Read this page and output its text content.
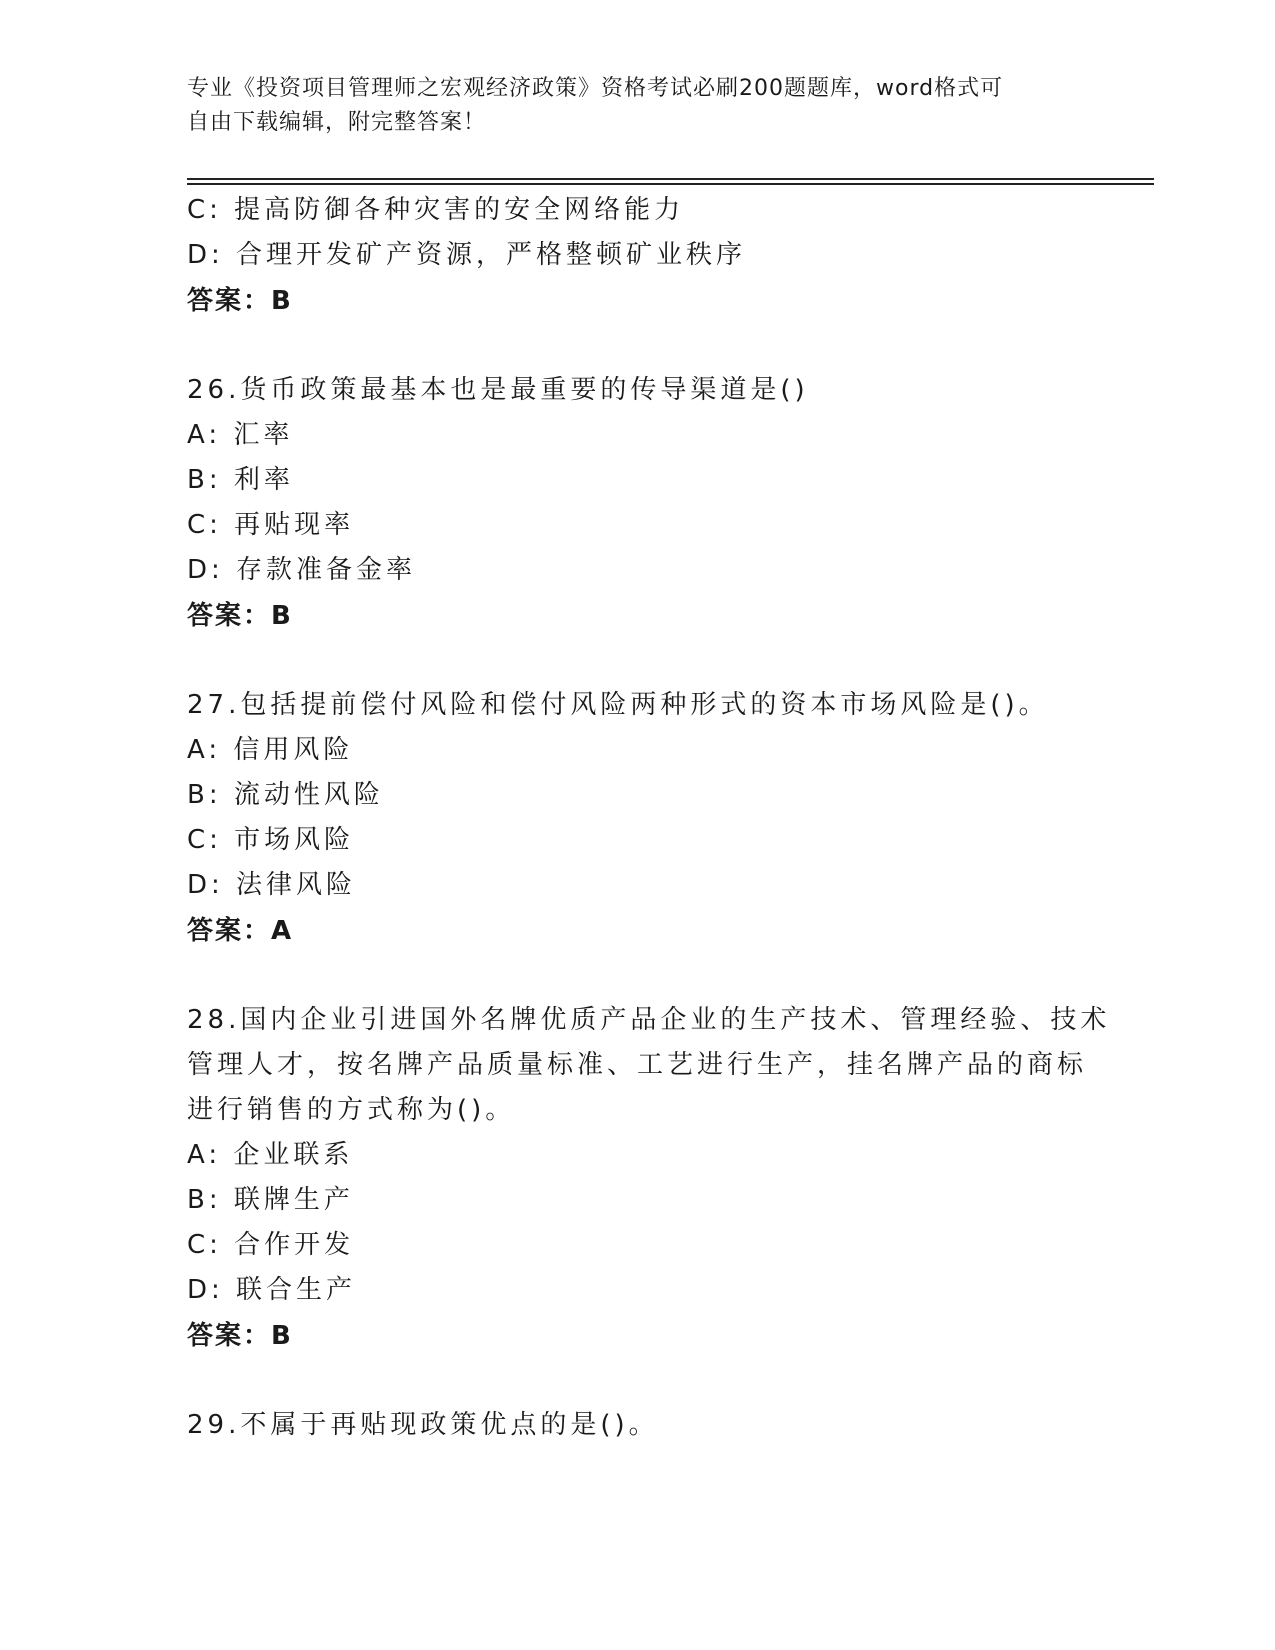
专业《投资项目管理师之宏观经济政策》资格考试必刷200题题库，word格式可
自由下载编辑，附完整答案！
C: 提高防御各种灾害的安全网络能力
D: 合理开发矿产资源，严格整顿矿业秩序
答案：B
26.货币政策最基本也是最重要的传导渠道是()
A: 汇率
B: 利率
C: 再贴现率
D: 存款准备金率
答案：B
27.包括提前偿付风险和偿付风险两种形式的资本市场风险是()。
A: 信用风险
B: 流动性风险
C: 市场风险
D: 法律风险
答案：A
28.国内企业引进国外名牌优质产品企业的生产技术、管理经验、技术
管理人才，按名牌产品质量标准、工艺进行生产，挂名牌产品的商标
进行销售的方式称为()。
A: 企业联系
B: 联牌生产
C: 合作开发
D: 联合生产
答案：B
29.不属于再贴现政策优点的是()。
